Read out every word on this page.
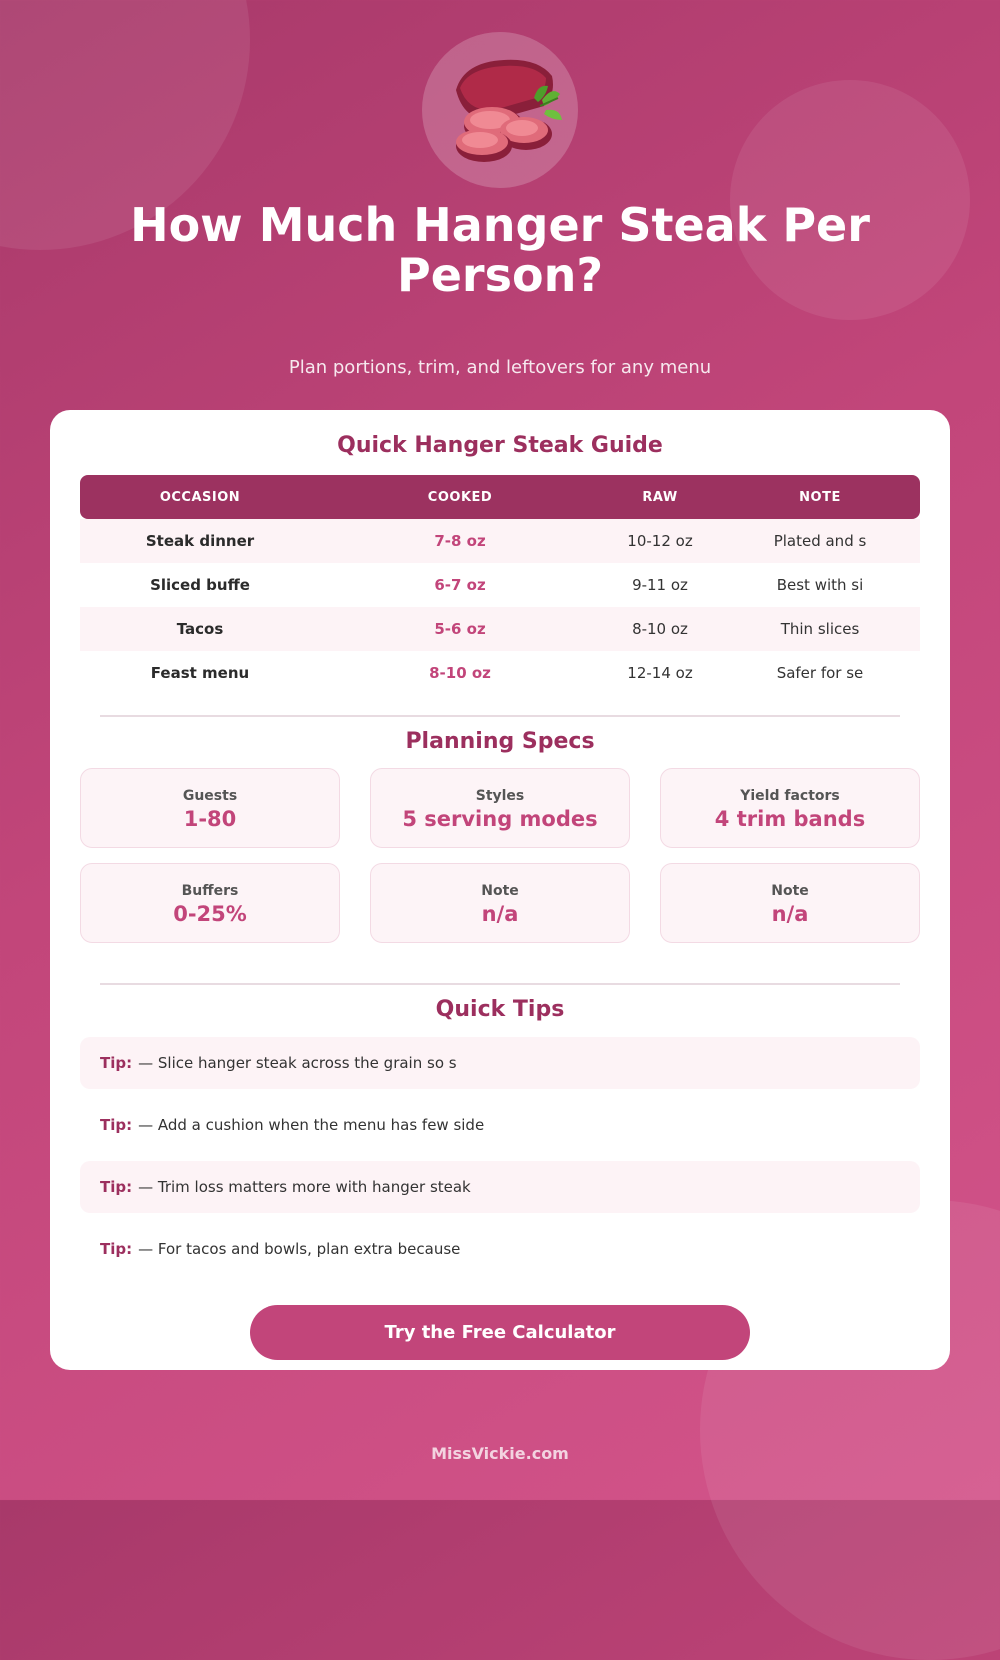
How Much Hanger Steak Per Person?
Plan portions, trim, and leftovers for any menu
Quick Hanger Steak Guide
OCCASION	COOKED	RAW	NOTE
Steak dinner	7-8 oz	10-12 oz	Plated and s
Sliced buffe	6-7 oz	9-11 oz	Best with si
Tacos	5-6 oz	8-10 oz	Thin slices
Feast menu	8-10 oz	12-14 oz	Safer for se
Planning Specs
Guests
1-80
Styles
5 serving modes
Yield factors
4 trim bands
Buffers
0-25%
Note
n/a
Note
n/a
Quick Tips
Tip: — Slice hanger steak across the grain so s
Tip: — Add a cushion when the menu has few side
Tip: — Trim loss matters more with hanger steak
Tip: — For tacos and bowls, plan extra because
Try the Free Calculator
MissVickie.com
